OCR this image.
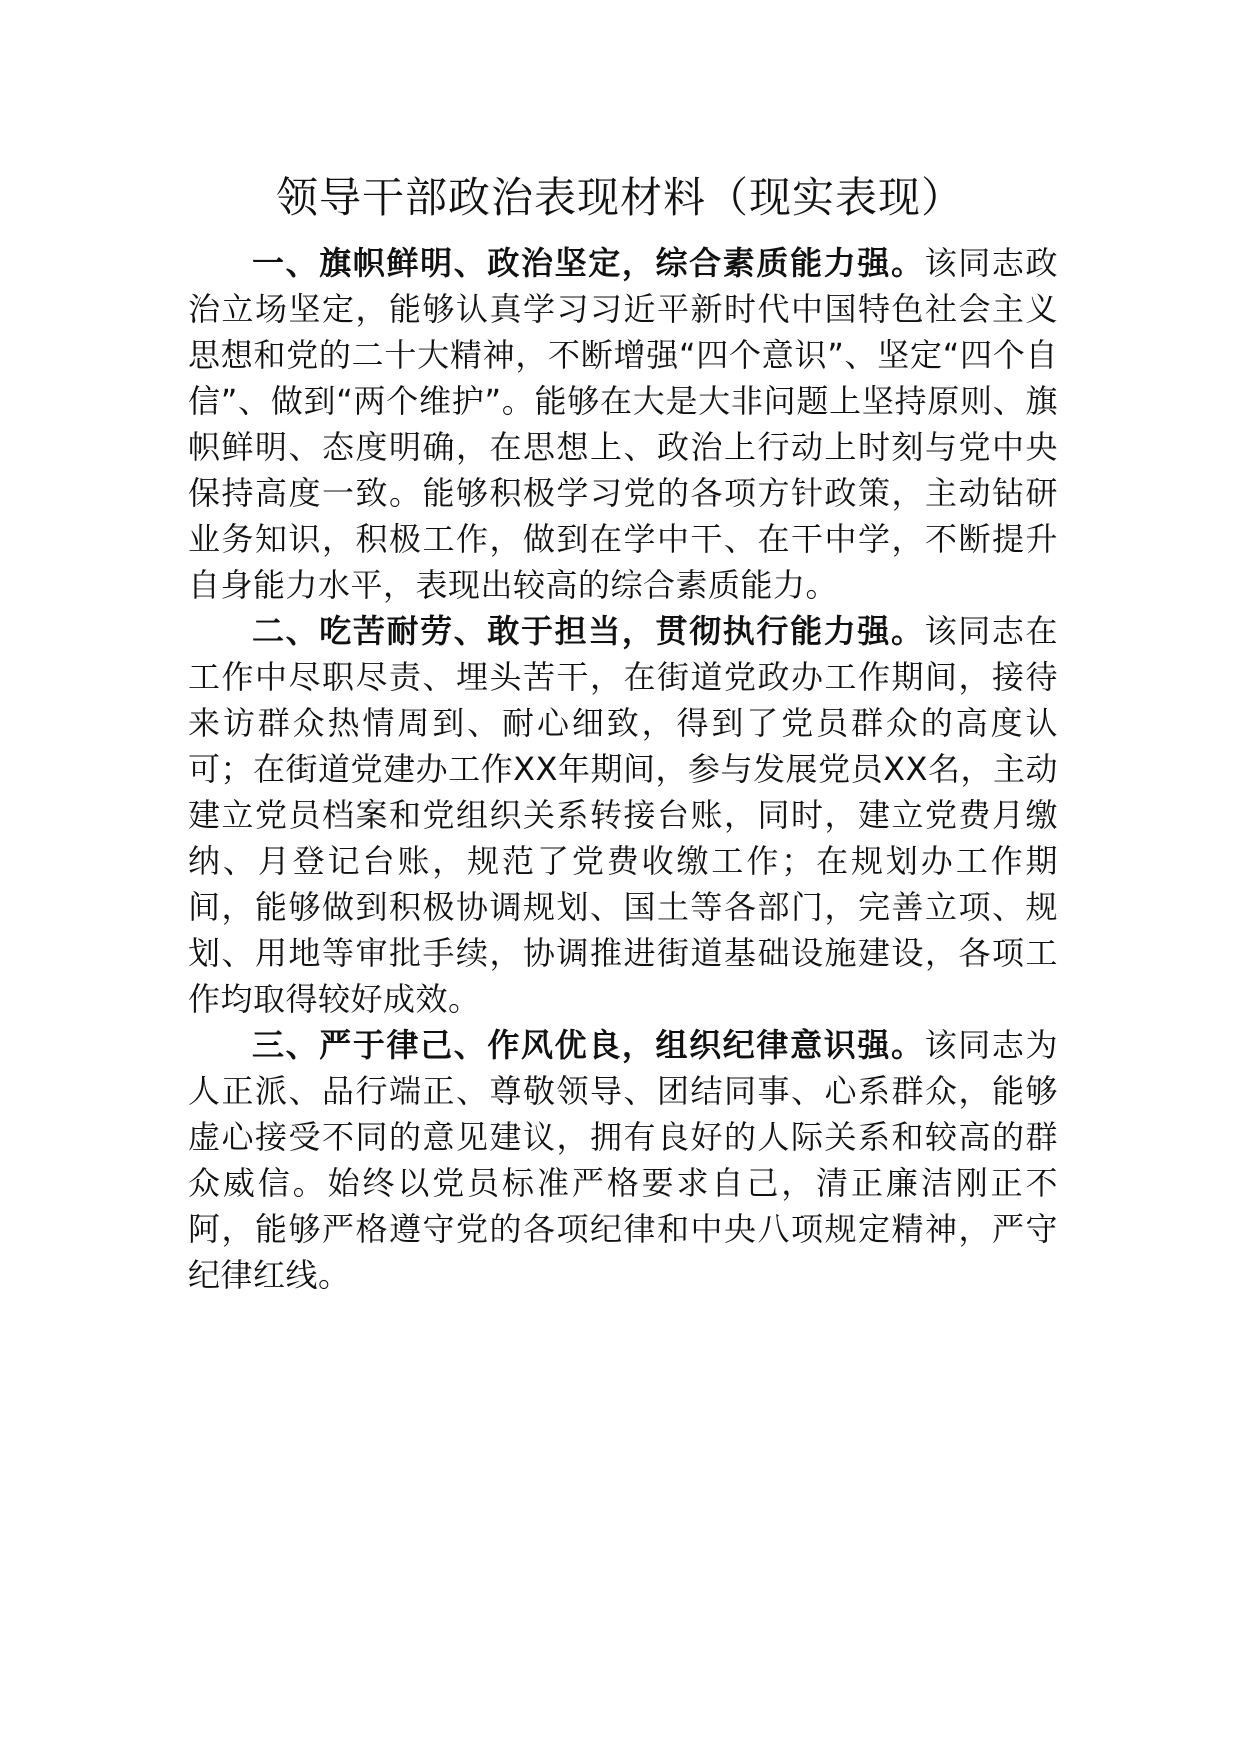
领导干部政治表现材料（现实表现）

一、旗帜鲜明、政治坚定，综合素质能力强。该同志政治立场坚定，能够认真学习习近平新时代中国特色社会主义思想和党的二十大精神，不断增强“四个意识”、坚定“四个自信”、做到“两个维护”。能够在大是大非问题上坚持原则、旗帜鲜明、态度明确，在思想上、政治上行动上时刻与党中央保持高度一致。能够积极学习党的各项方针政策，主动钻研业务知识，积极工作，做到在学中干、在干中学，不断提升自身能力水平，表现出较高的综合素质能力。

二、吃苦耐劳、敢于担当，贯彻执行能力强。该同志在工作中尽职尽责、埋头苦干，在街道党政办工作期间，接待来访群众热情周到、耐心细致，得到了党员群众的高度认可；在街道党建办工作XX年期间，参与发展党员XX名，主动建立党员档案和党组织关系转接台账，同时，建立党费月缴纳、月登记台账，规范了党费收缴工作；在规划办工作期间，能够做到积极协调规划、国土等各部门，完善立项、规划、用地等审批手续，协调推进街道基础设施建设，各项工作均取得较好成效。

三、严于律己、作风优良，组织纪律意识强。该同志为人正派、品行端正、尊敬领导、团结同事、心系群众，能够虚心接受不同的意见建议，拥有良好的人际关系和较高的群众威信。始终以党员标准严格要求自己，清正廉洁刚正不阿，能够严格遵守党的各项纪律和中央八项规定精神，严守纪律红线。
